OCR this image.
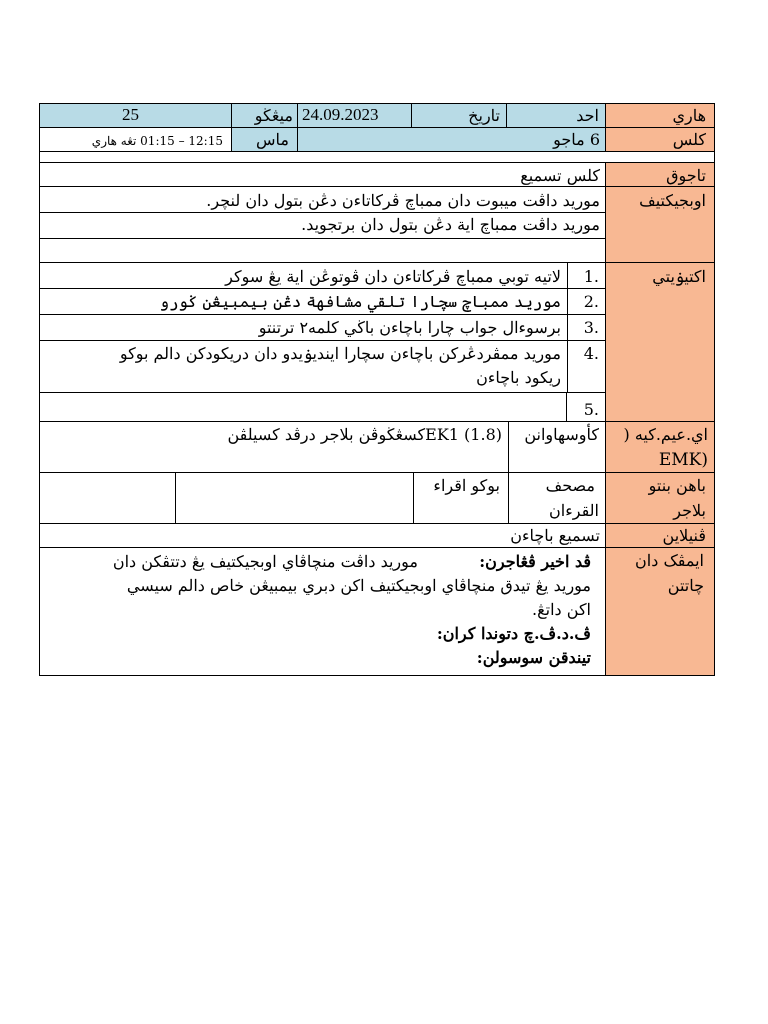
هاري
احد
تاريخ
24.09.2023
ميڠڬو
25
كلس
6 ماجو
ماس
12:15 – 01:15 تڠه هاري
تاجوق
كلس تسميع
اوبجيكتيف
موريد داڤت ميبوت دان ممباچ ڤركاتاءن دڠن بتول دان لنچر.
موريد داڤت ممباچ اية دڠن بتول دان برتجويد.
اكتيۏيتي
1.
لاتيه توبي ممباچ ڤركاتاءن دان ڤوتوڠن اية يڠ سوكر
2.
موريد ممباچ سچارا تلقي مشافهة دڠن بيمبيڠن ݢورو
3.
برسوءال جواب چارا باچاءن باڬي كلمه٢ ترتنتو
4.
موريد ممڤردڠركن باچاءن سچارا اينديۏيدو دان دريكودكن دالم بوكو
ريكود باچاءن
5.
اي.عيم.كيه (
EMK)
كأوسهاوانن
(1.8) EK1كسڠڬوڤن بلاجر درڤد كسيلڤن
باهن بنتو
بلاجر
مصحف
القرءان
بوكو اقراء
ڤنيلاين
تسميع باچاءن
ايمڤک دان
چاتتن
ڤد اخير ڤڠاجرن:
موريد داڤت منچاڤاي اوبجيكتيف يڠ دتتڤكن دان
موريد يڠ تيدق منچاڤاي اوبجيكتيف اكن دبري بيمبيڠن خاص دالم سيسي
اكن داتڠ.
ڤ.د.ڤ.چ دتوندا كران:
تيندقن سوسولن:
